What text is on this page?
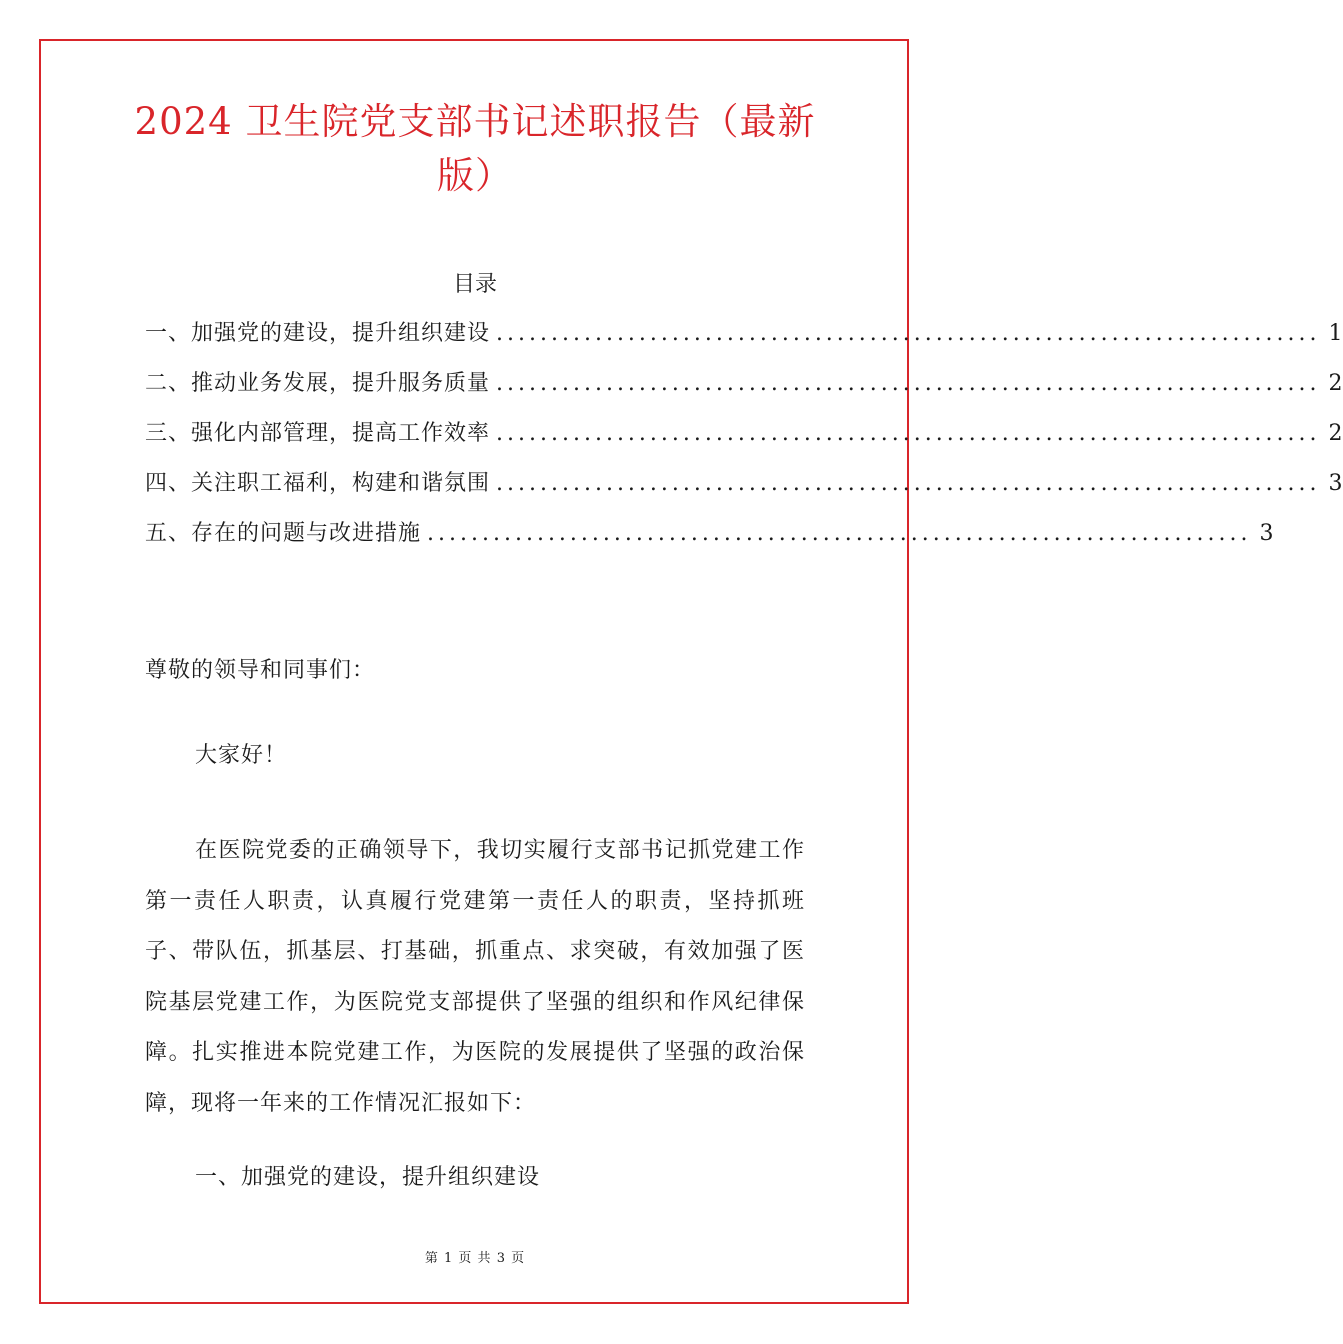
2024 卫生院党支部书记述职报告（最新版）
目录
一、加强党的建设，提升组织建设 ........................................................................... 1
二、推动业务发展，提升服务质量 ........................................................................... 2
三、强化内部管理，提高工作效率 ........................................................................... 2
四、关注职工福利，构建和谐氛围 ........................................................................... 3
五、存在的问题与改进措施 ........................................................................... 3
尊敬的领导和同事们：
大家好！
在医院党委的正确领导下，我切实履行支部书记抓党建工作第一责任人职责，认真履行党建第一责任人的职责，坚持抓班子、带队伍，抓基层、打基础，抓重点、求突破，有效加强了医院基层党建工作，为医院党支部提供了坚强的组织和作风纪律保障。扎实推进本院党建工作，为医院的发展提供了坚强的政治保障，现将一年来的工作情况汇报如下：
一、加强党的建设，提升组织建设
第 1 页 共 3 页
